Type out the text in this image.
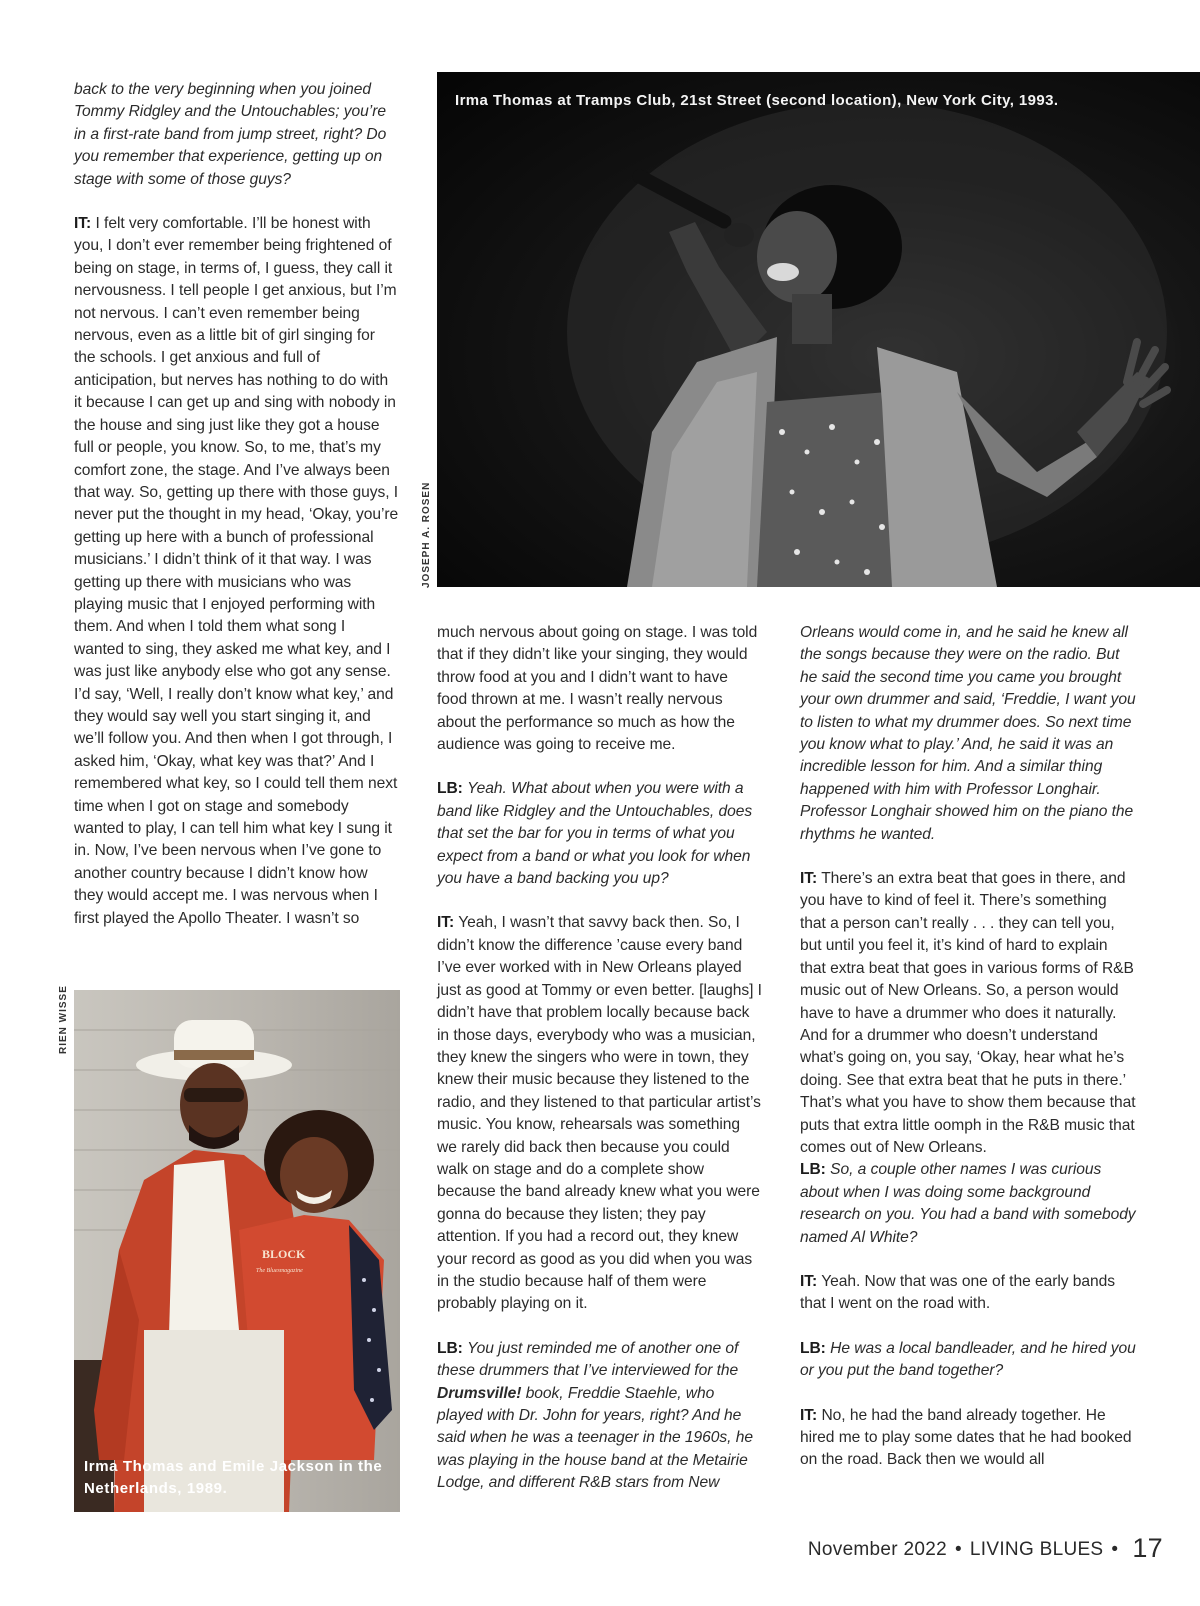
back to the very beginning when you joined Tommy Ridgley and the Untouchables; you’re in a first-rate band from jump street, right? Do you remember that experience, getting up on stage with some of those guys?

IT: I felt very comfortable. I’ll be honest with you, I don’t ever remember being frightened of being on stage, in terms of, I guess, they call it nervousness. I tell people I get anxious, but I’m not nervous. I can’t even remember being nervous, even as a little bit of girl singing for the schools. I get anxious and full of anticipation, but nerves has nothing to do with it because I can get up and sing with nobody in the house and sing just like they got a house full or people, you know. So, to me, that’s my comfort zone, the stage. And I’ve always been that way. So, getting up there with those guys, I never put the thought in my head, ‘Okay, you’re getting up here with a bunch of professional musicians.’ I didn’t think of it that way. I was getting up there with musicians who was playing music that I enjoyed performing with them. And when I told them what song I wanted to sing, they asked me what key, and I was just like anybody else who got any sense. I’d say, ‘Well, I really don’t know what key,’ and they would say well you start singing it, and we’ll follow you. And then when I got through, I asked him, ‘Okay, what key was that?’ And I remembered what key, so I could tell them next time when I got on stage and somebody wanted to play, I can tell him what key I sung it in. Now, I’ve been nervous when I’ve gone to another country because I didn’t know how they would accept me. I was nervous when I first played the Apollo Theater. I wasn’t so

Irma Thomas at Tramps Club, 21st Street (second location), New York City, 1993.
JOSEPH A. ROSEN

much nervous about going on stage. I was told that if they didn’t like your singing, they would throw food at you and I didn’t want to have food thrown at me. I wasn’t really nervous about the performance so much as how the audience was going to receive me.

LB: Yeah. What about when you were with a band like Ridgley and the Untouchables, does that set the bar for you in terms of what you expect from a band or what you look for when you have a band backing you up?

IT: Yeah, I wasn’t that savvy back then. So, I didn’t know the difference ’cause every band I’ve ever worked with in New Orleans played just as good at Tommy or even better. [laughs] I didn’t have that problem locally because back in those days, everybody who was a musician, they knew the singers who were in town, they knew their music because they listened to the radio, and they listened to that particular artist’s music. You know, rehearsals was something we rarely did back then because you could walk on stage and do a complete show because the band already knew what you were gonna do because they listen; they pay attention. If you had a record out, they knew your record as good as you did when you was in the studio because half of them were probably playing on it.

LB: You just reminded me of another one of these drummers that I’ve interviewed for the Drumsville! book, Freddie Staehle, who played with Dr. John for years, right? And he said when he was a teenager in the 1960s, he was playing in the house band at the Metairie Lodge, and different R&B stars from New

Orleans would come in, and he said he knew all the songs because they were on the radio. But he said the second time you came you brought your own drummer and said, ‘Freddie, I want you to listen to what my drummer does. So next time you know what to play.’ And, he said it was an incredible lesson for him. And a similar thing happened with him with Professor Longhair. Professor Longhair showed him on the piano the rhythms he wanted.

IT: There’s an extra beat that goes in there, and you have to kind of feel it. There’s something that a person can’t really . . . they can tell you, but until you feel it, it’s kind of hard to explain that extra beat that goes in various forms of R&B music out of New Orleans. So, a person would have to have a drummer who does it naturally. And for a drummer who doesn’t understand what’s going on, you say, ‘Okay, hear what he’s doing. See that extra beat that he puts in there.’ That’s what you have to show them because that puts that extra little oomph in the R&B music that comes out of New Orleans.

LB: So, a couple other names I was curious about when I was doing some background research on you. You had a band with somebody named Al White?

IT: Yeah. Now that was one of the early bands that I went on the road with.

LB: He was a local bandleader, and he hired you or you put the band together?

IT: No, he had the band already together. He hired me to play some dates that he had booked on the road. Back then we would all

RIEN WISSE
BLOCK
The Bluesmagazine
Irma Thomas and Emile Jackson in the Netherlands, 1989.
November 2022 • LIVING BLUES • 17
